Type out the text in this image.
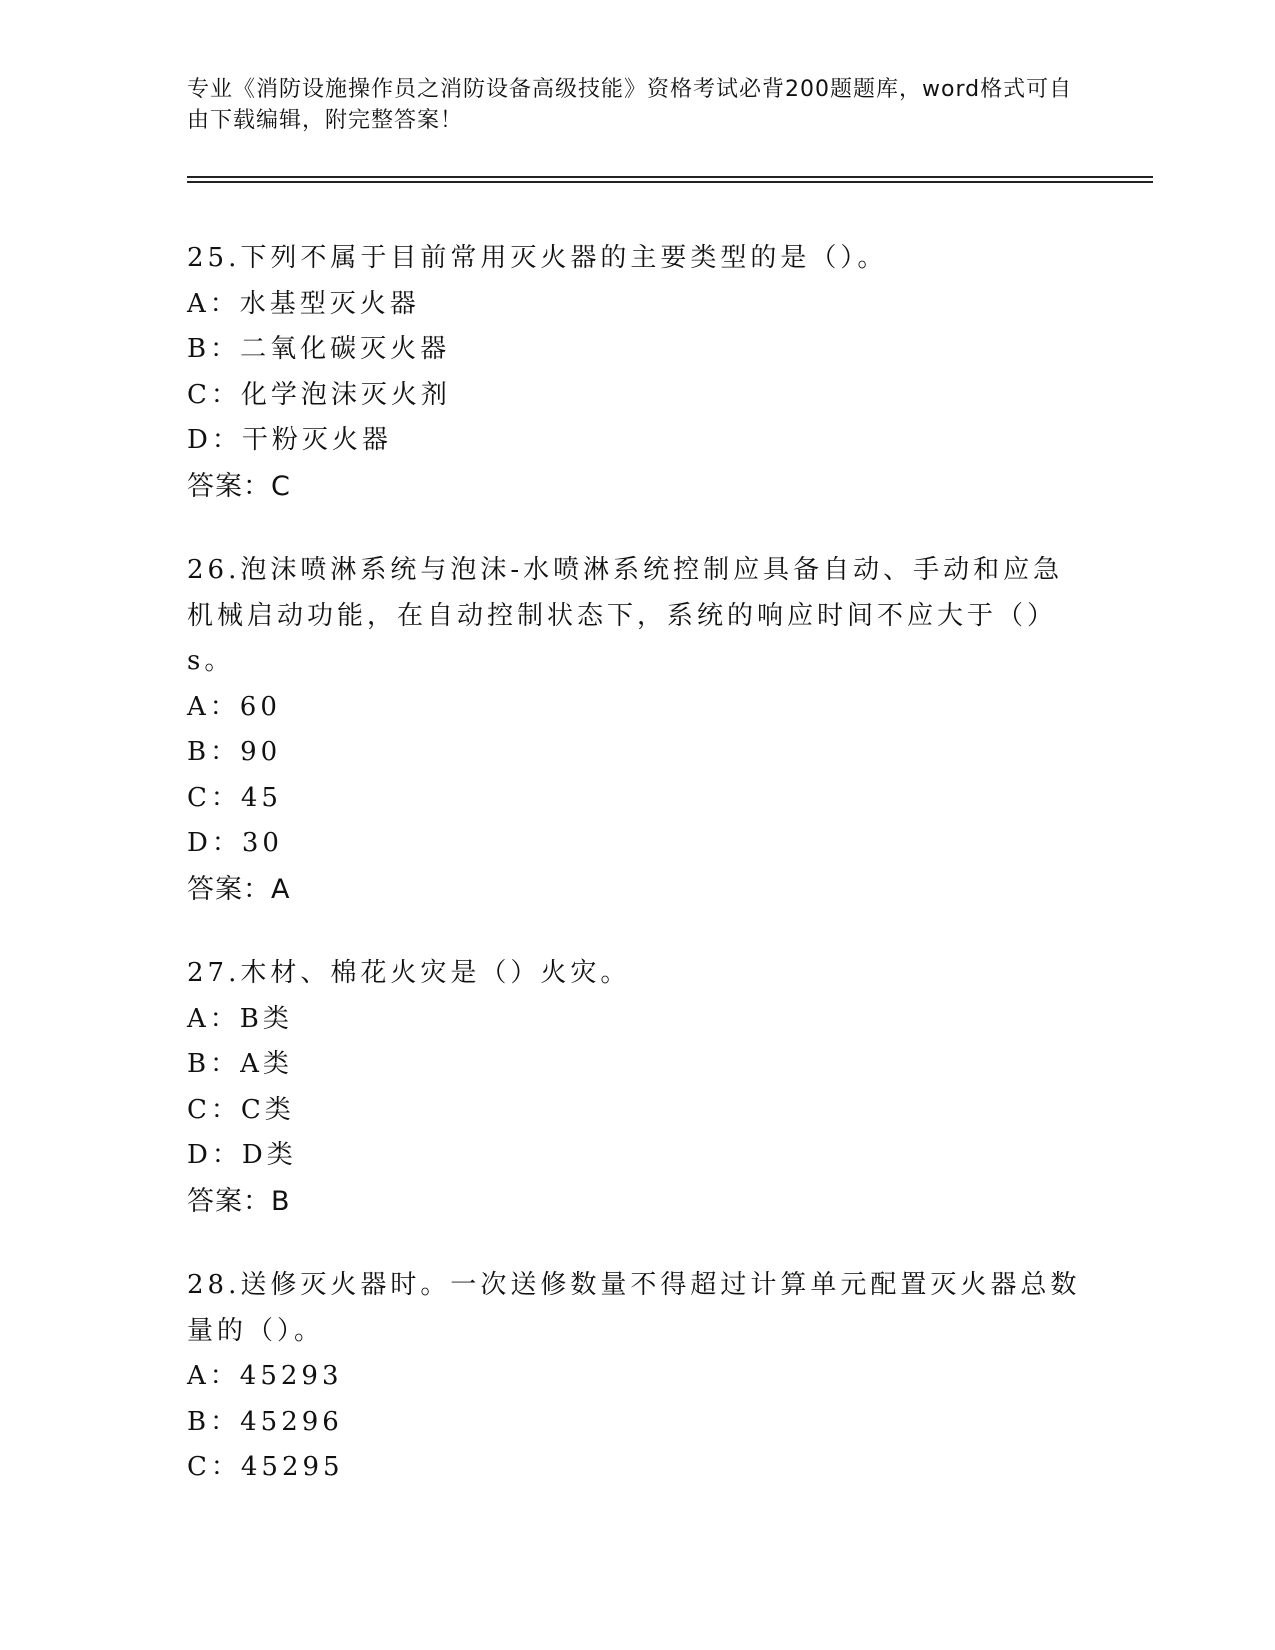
专业《消防设施操作员之消防设备高级技能》资格考试必背200题题库，word格式可自由下载编辑，附完整答案！
25.下列不属于目前常用灭火器的主要类型的是（）。
A：水基型灭火器
B：二氧化碳灭火器
C：化学泡沫灭火剂
D：干粉灭火器
答案：C
26.泡沫喷淋系统与泡沫-水喷淋系统控制应具备自动、手动和应急机械启动功能，在自动控制状态下，系统的响应时间不应大于（）s。
A：60
B：90
C：45
D：30
答案：A
27.木材、棉花火灾是（）火灾。
A：B类
B：A类
C：C类
D：D类
答案：B
28.送修灭火器时。一次送修数量不得超过计算单元配置灭火器总数量的（）。
A：45293
B：45296
C：45295
